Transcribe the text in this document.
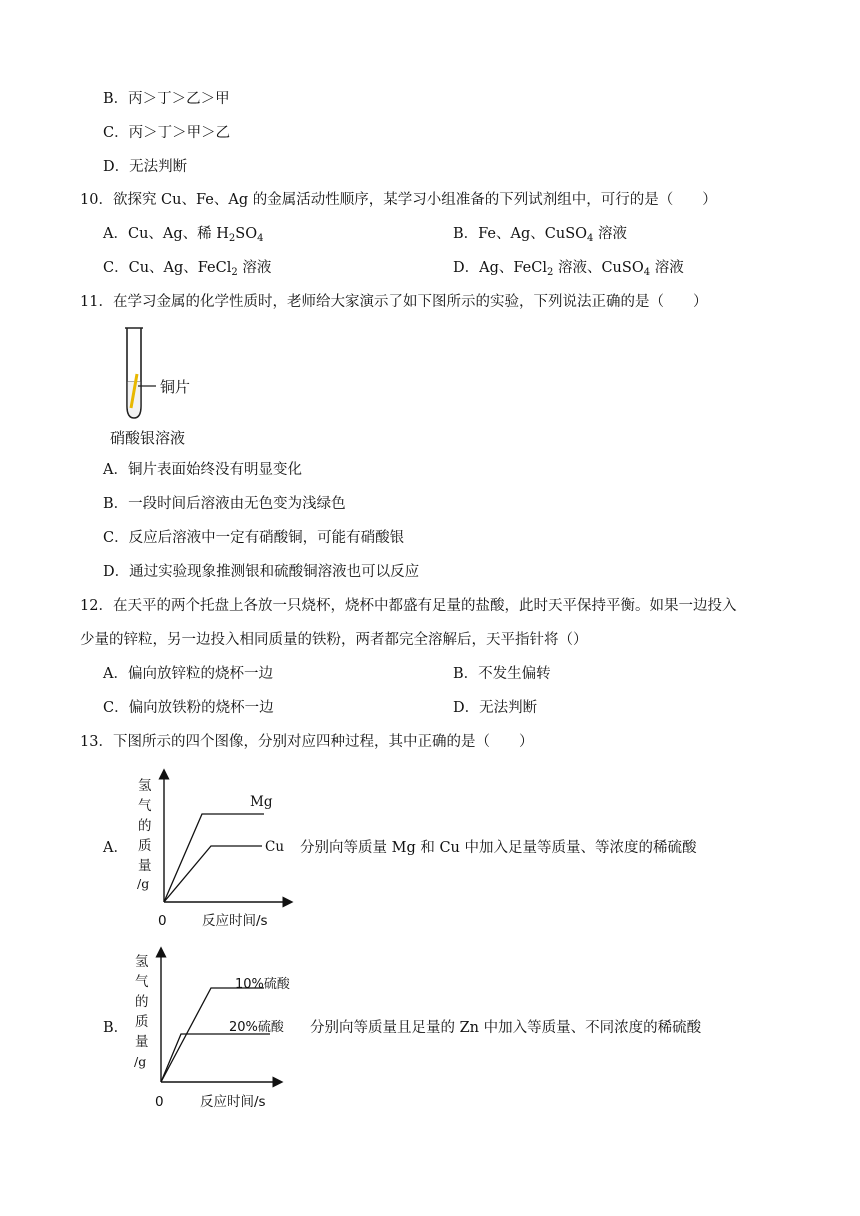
B．丙＞丁＞乙＞甲
C．丙＞丁＞甲＞乙
D．无法判断
10．欲探究 Cu、Fe、Ag 的金属活动性顺序，某学习小组准备的下列试剂组中，可行的是（　　）
A．Cu、Ag、稀 $H_2SO_4$	B．Fe、Ag、CuSO$_4$ 溶液
C．Cu、Ag、FeCl$_2$ 溶液	D．Ag、FeCl$_2$ 溶液、CuSO$_4$ 溶液
11．在学习金属的化学性质时，老师给大家演示了如下图所示的实验，下列说法正确的是（　　）
铜片
硝酸银溶液
A．铜片表面始终没有明显变化
B．一段时间后溶液由无色变为浅绿色
C．反应后溶液中一定有硝酸铜，可能有硝酸银
D．通过实验现象推测银和硫酸铜溶液也可以反应
12．在天平的两个托盘上各放一只烧杯，烧杯中都盛有足量的盐酸，此时天平保持平衡。如果一边投入
少量的锌粒，另一边投入相同质量的铁粉，两者都完全溶解后，天平指针将（）
A．偏向放锌粒的烧杯一边	B．不发生偏转
C．偏向放铁粉的烧杯一边	D．无法判断
13．下图所示的四个图像，分别对应四种过程，其中正确的是（　　）
A．
氢
气
的
质
量
/g
0	反应时间/s
Mg
Cu 分别向等质量 Mg 和 Cu 中加入足量等质量、等浓度的稀硫酸
B．
氢
气
的
质
量
/g
0	反应时间/s
10%硫酸
20%硫酸 分别向等质量且足量的 Zn 中加入等质量、不同浓度的稀硫酸
